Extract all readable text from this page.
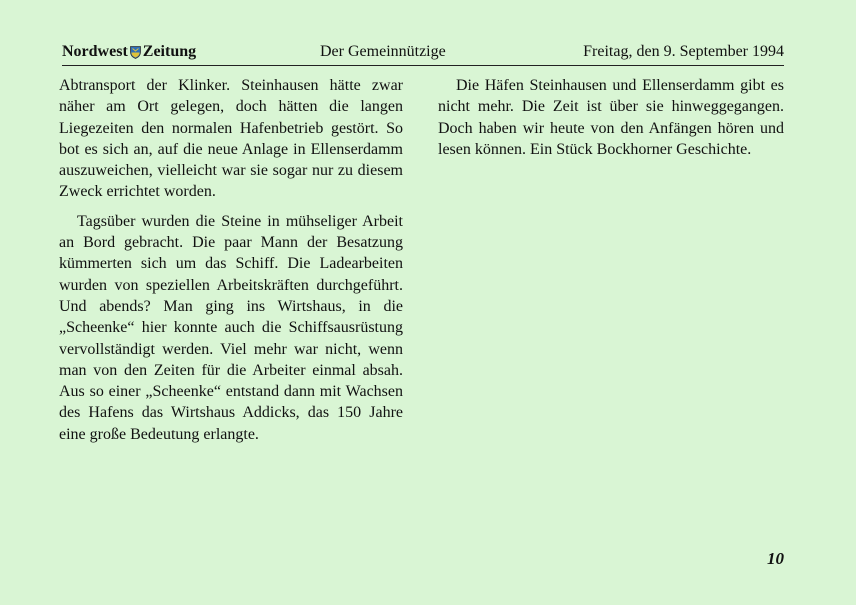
Nordwest Zeitung	Der Gemeinnützige	Freitag, den 9. September 1994

Abtransport der Klinker. Steinhausen hätte zwar näher am Ort gelegen, doch hätten die langen Liegezeiten den normalen Hafenbetrieb gestört. So bot es sich an, auf die neue Anlage in Ellenserdamm auszuweichen, vielleicht war sie sogar nur zu diesem Zweck errichtet worden.

Tagsüber wurden die Steine in mühseliger Arbeit an Bord gebracht. Die paar Mann der Besatzung kümmerten sich um das Schiff. Die Ladearbeiten wurden von speziellen Arbeitskräften durchgeführt. Und abends? Man ging ins Wirtshaus, in die „Scheenke“ hier konnte auch die Schiffsausrüstung vervollständigt werden. Viel mehr war nicht, wenn man von den Zeiten für die Arbeiter einmal absah. Aus so einer „Scheenke“ entstand dann mit Wachsen des Hafens das Wirtshaus Addicks, das 150 Jahre eine große Bedeutung erlangte.

Die Häfen Steinhausen und Ellenserdamm gibt es nicht mehr. Die Zeit ist über sie hinweggegangen. Doch haben wir heute von den Anfängen hören und lesen können. Ein Stück Bockhorner Geschichte.

10
